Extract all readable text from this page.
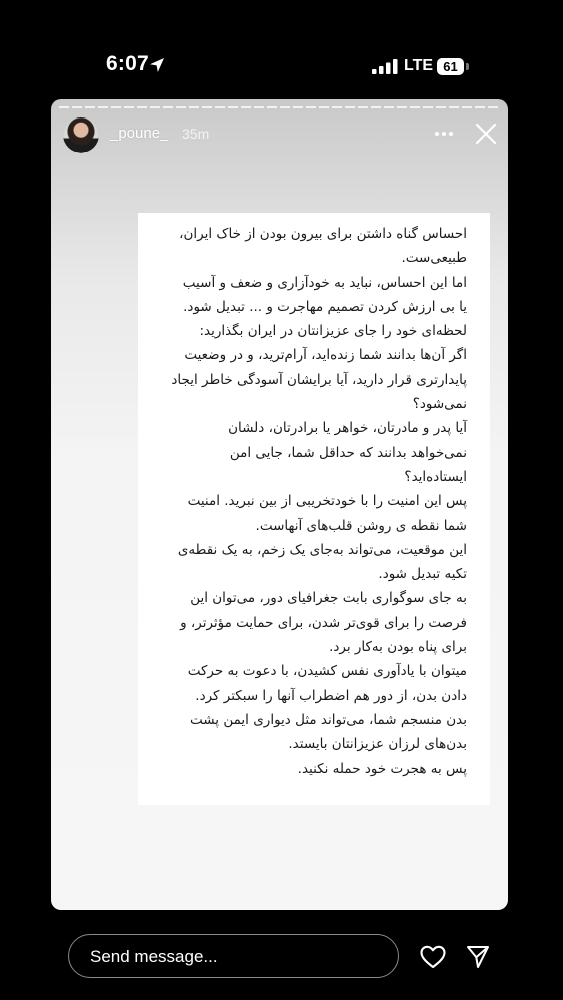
6:07	LTE 61
_poune_ 35m

احساس گناه داشتن برای بیرون بودن از خاک ایران،
طبیعی‌ست.
اما این احساس، نباید به خودآزاری و ضعف و آسیب
یا بی ارزش کردن تصمیم مهاجرت و ... تبدیل شود.
لحظه‌ای خود را جای عزیزانتان در ایران بگذارید:
اگر آن‌ها بدانند شما زنده‌اید، آرام‌ترید، و در وضعیت
پایدارتری قرار دارید، آیا برایشان آسودگی خاطر ایجاد
نمی‌شود؟
آیا پدر و مادرتان، خواهر یا برادرتان، دلشان
نمی‌خواهد بدانند که حداقل شما، جایی امن
ایستاده‌اید؟
پس این امنیت را با خودتخریبی از بین نبرید. امنیت
شما نقطه ی روشن قلب‌های آنهاست.
این موقعیت، می‌تواند به‌جای یک زخم، به یک نقطه‌ی
تکیه تبدیل شود.
به جای سوگواری بابت جغرافیای دور، می‌توان این
فرصت را برای قوی‌تر شدن، برای حمایت مؤثرتر، و
برای پناه بودن به‌کار برد.
میتوان با یادآوری نفس کشیدن، با دعوت به حرکت
دادن بدن، از دور هم اضطراب آنها را سبکتر کرد.
بدن منسجم شما، می‌تواند مثل دیواری ایمن پشت
بدن‌های لرزان عزیزانتان بایستد.
پس به هجرت خود حمله نکنید.

Send message...
